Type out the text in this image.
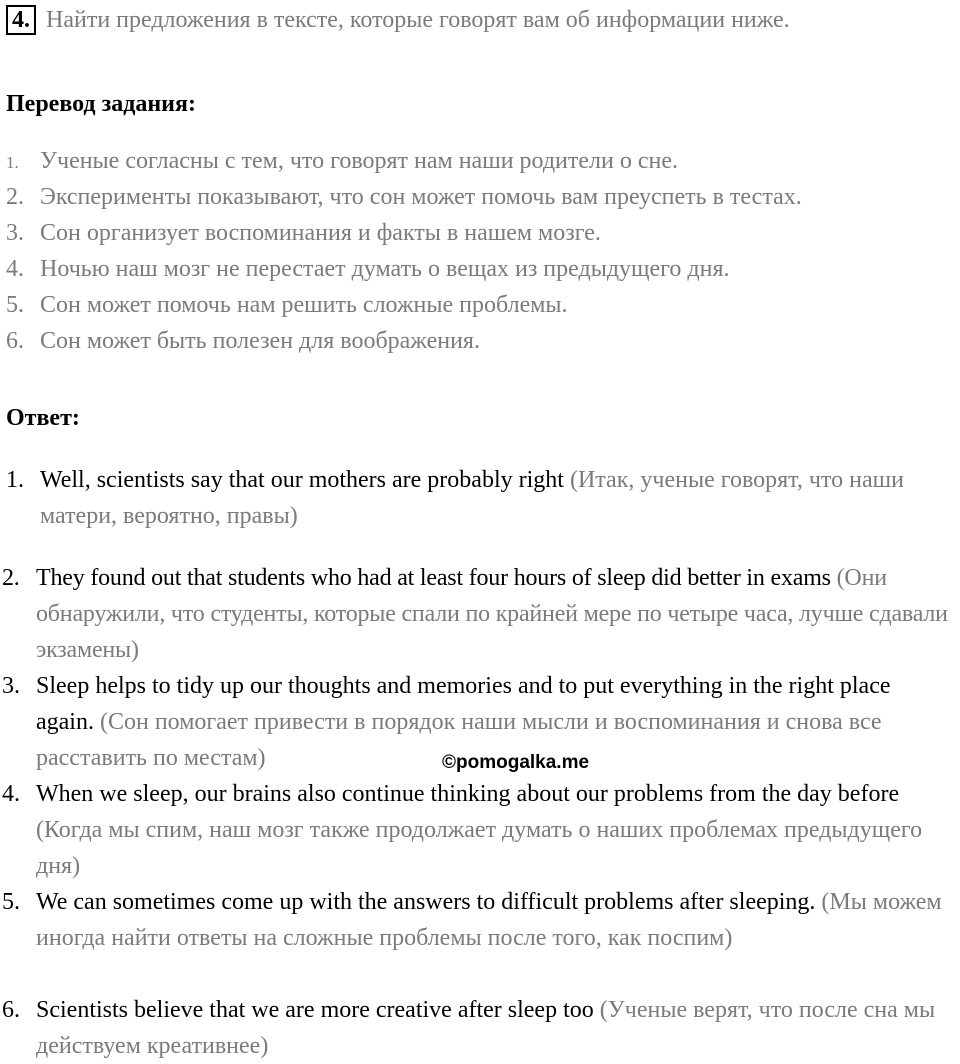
4. Найти предложения в тексте, которые говорят вам об информации ниже.
Перевод задания:
1. Ученые согласны с тем, что говорят нам наши родители о сне.
2. Эксперименты показывают, что сон может помочь вам преуспеть в тестах.
3. Сон организует воспоминания и факты в нашем мозге.
4. Ночью наш мозг не перестает думать о вещах из предыдущего дня.
5. Сон может помочь нам решить сложные проблемы.
6. Сон может быть полезен для воображения.
Ответ:
1. Well, scientists say that our mothers are probably right (Итак, ученые говорят, что наши матери, вероятно, правы)
2. They found out that students who had at least four hours of sleep did better in exams (Они обнаружили, что студенты, которые спали по крайней мере по четыре часа, лучше сдавали экзамены)
3. Sleep helps to tidy up our thoughts and memories and to put everything in the right place again. (Сон помогает привести в порядок наши мысли и воспоминания и снова все расставить по местам)	©pomogalka.me
4. When we sleep, our brains also continue thinking about our problems from the day before (Когда мы спим, наш мозг также продолжает думать о наших проблемах предыдущего дня)
5. We can sometimes come up with the answers to difficult problems after sleeping. (Мы можем иногда найти ответы на сложные проблемы после того, как поспим)
6. Scientists believe that we are more creative after sleep too (Ученые верят, что после сна мы действуем креативнее)
